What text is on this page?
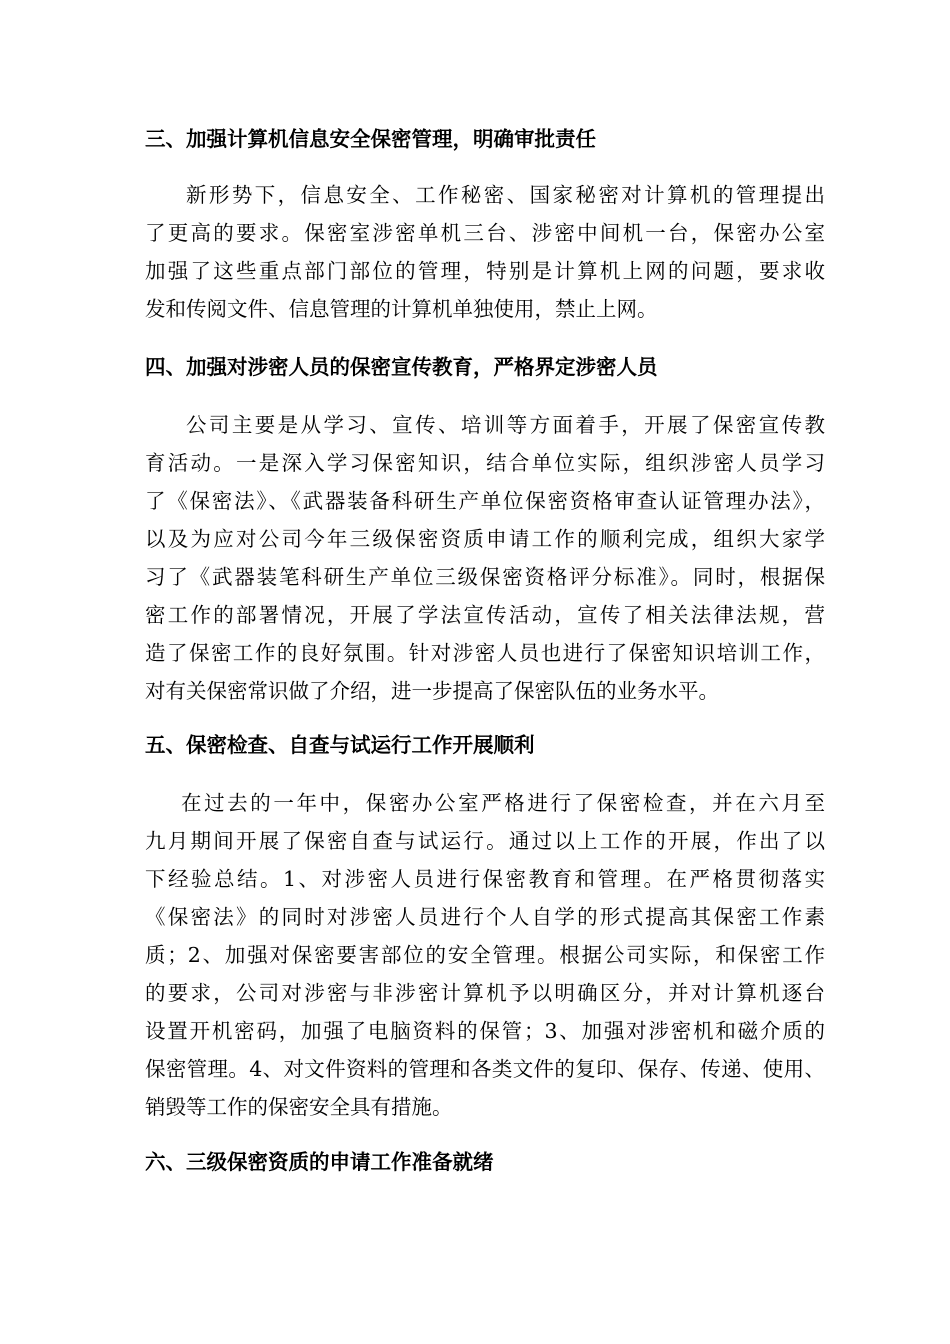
三、加强计算机信息安全保密管理，明确审批责任
新形势下，信息安全、工作秘密、国家秘密对计算机的管理提出
了更高的要求。保密室涉密单机三台、涉密中间机一台，保密办公室
加强了这些重点部门部位的管理，特别是计算机上网的问题，要求收
发和传阅文件、信息管理的计算机单独使用，禁止上网。
四、加强对涉密人员的保密宣传教育，严格界定涉密人员
公司主要是从学习、宣传、培训等方面着手，开展了保密宣传教
育活动。一是深入学习保密知识，结合单位实际，组织涉密人员学习
了《保密法》、《武器装备科研生产单位保密资格审查认证管理办法》，
以及为应对公司今年三级保密资质申请工作的顺利完成，组织大家学
习了《武器装笔科研生产单位三级保密资格评分标准》。同时，根据保
密工作的部署情况，开展了学法宣传活动，宣传了相关法律法规，营
造了保密工作的良好氛围。针对涉密人员也进行了保密知识培训工作，
对有关保密常识做了介绍，进一步提高了保密队伍的业务水平。
五、保密检查、自查与试运行工作开展顺利
在过去的一年中，保密办公室严格进行了保密检查，并在六月至
九月期间开展了保密自查与试运行。通过以上工作的开展，作出了以
下经验总结。1、对涉密人员进行保密教育和管理。在严格贯彻落实
《保密法》的同时对涉密人员进行个人自学的形式提高其保密工作素
质；2、加强对保密要害部位的安全管理。根据公司实际，和保密工作
的要求，公司对涉密与非涉密计算机予以明确区分，并对计算机逐台
设置开机密码，加强了电脑资料的保管；3、加强对涉密机和磁介质的
保密管理。4、对文件资料的管理和各类文件的复印、保存、传递、使用、
销毁等工作的保密安全具有措施。
六、三级保密资质的申请工作准备就绪
